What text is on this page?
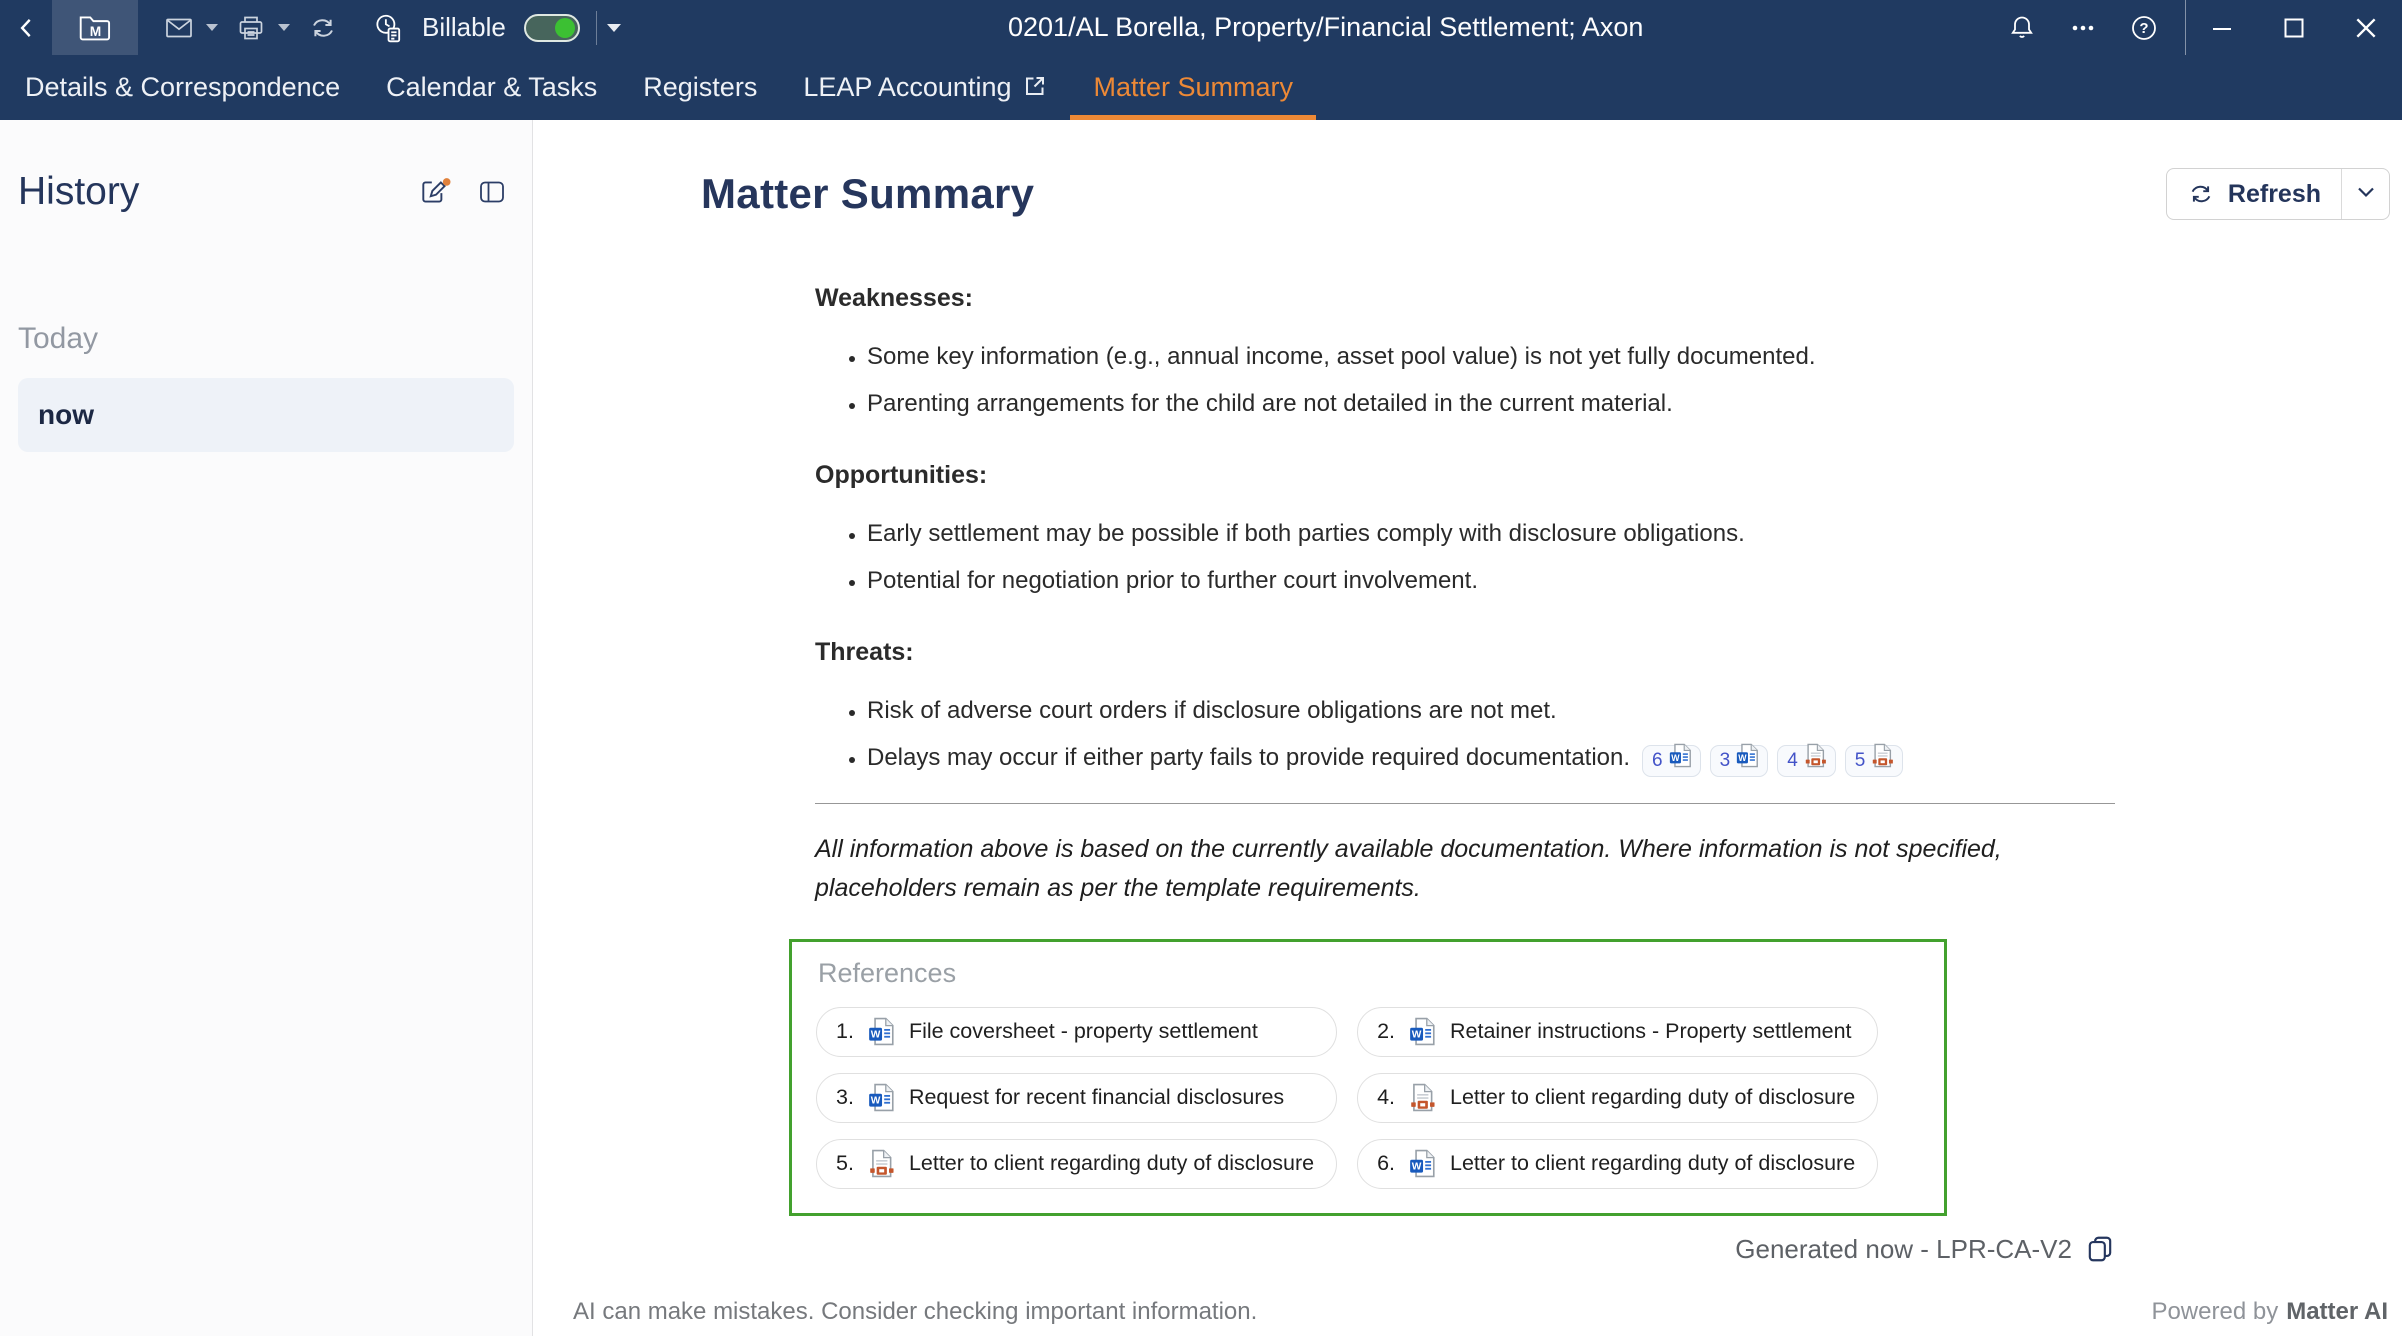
M	Billable	0201/AL Borella, Property/Financial Settlement; Axon	?
Details & Correspondence Calendar & Tasks Registers LEAP Accounting	Matter Summary
History
Today
now
Matter Summary	Refresh
Weaknesses:
• Some key information (e.g., annual income, asset pool value) is not yet fully documented.
• Parenting arrangements for the child are not detailed in the current material.
Opportunities:
• Early settlement may be possible if both parties comply with disclosure obligations.
• Potential for negotiation prior to further court involvement.
Threats:
• Risk of adverse court orders if disclosure obligations are not met.
• Delays may occur if either party fails to provide required documentation. 6 W 3 W 4	5

All information above is based on the currently available documentation. Where information is not specified, placeholders remain as per the template requirements.

References
1. W File coversheet - property settlement	2. W Retainer instructions - Property settlement
3. W Request for recent financial disclosures	4.	Letter to client regarding duty of disclosure
5.	Letter to client regarding duty of disclosure	6. W Letter to client regarding duty of disclosure
Generated now - LPR-CA-V2
AI can make mistakes. Consider checking important information.	Powered by Matter AI
